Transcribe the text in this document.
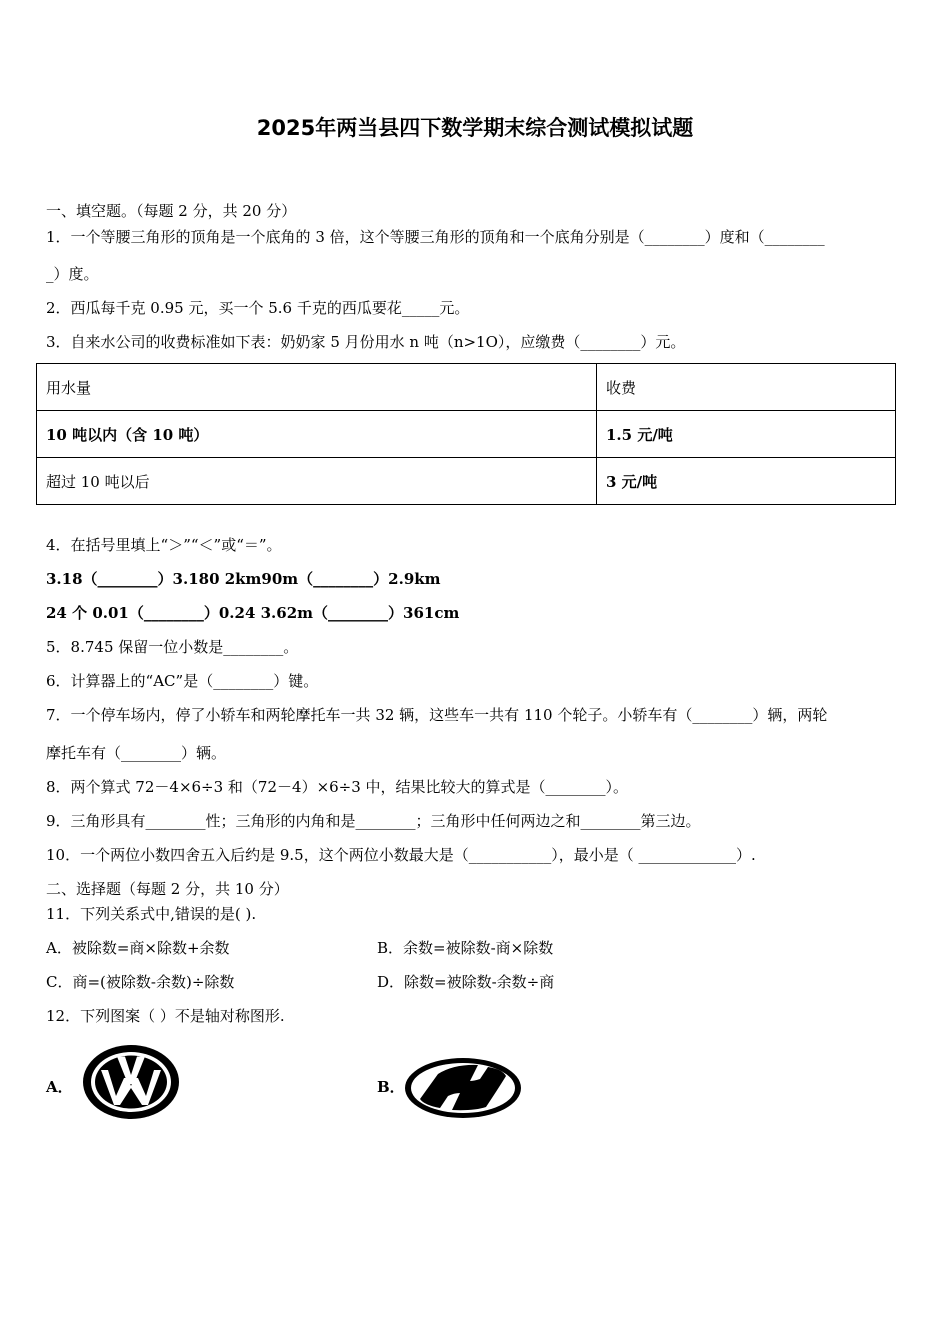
2025年两当县四下数学期末综合测试模拟试题
一、填空题。（每题 2 分，共 20 分）
1．一个等腰三角形的顶角是一个底角的 3 倍，这个等腰三角形的顶角和一个底角分别是（________）度和（________
_）度。
2．西瓜每千克 0.95 元，买一个 5.6 千克的西瓜要花_____元。
3．自来水公司的收费标准如下表：奶奶家 5 月份用水 n 吨（n>1O），应缴费（________）元。
用水量	收费
10 吨以内（含 10 吨）	1.5 元/吨
超过 10 吨以后	3 元/吨
4．在括号里填上“＞”“＜”或“＝”。
3.18（________）3.180 2km90m（________）2.9km
24 个 0.01（________）0.24 3.62m（________）361cm
5．8.745 保留一位小数是________。
6．计算器上的“AC”是（________）键。
7．一个停车场内，停了小轿车和两轮摩托车一共 32 辆，这些车一共有 110 个轮子。小轿车有（________）辆，两轮
摩托车有（________）辆。
8．两个算式 72－4×6÷3 和（72－4）×6÷3 中，结果比较大的算式是（________）。
9．三角形具有________性；三角形的内角和是________；三角形中任何两边之和________第三边。
10．一个两位小数四舍五入后约是 9.5，这个两位小数最大是（___________），最小是（ _____________）.
二、选择题（每题 2 分，共 10 分）
11．下列关系式中,错误的是( ).
A．被除数=商×除数+余数	B．余数=被除数-商×除数
C．商=(被除数-余数)÷除数	D．除数=被除数-余数÷商
12．下列图案（ ）不是轴对称图形.
A．	B．
